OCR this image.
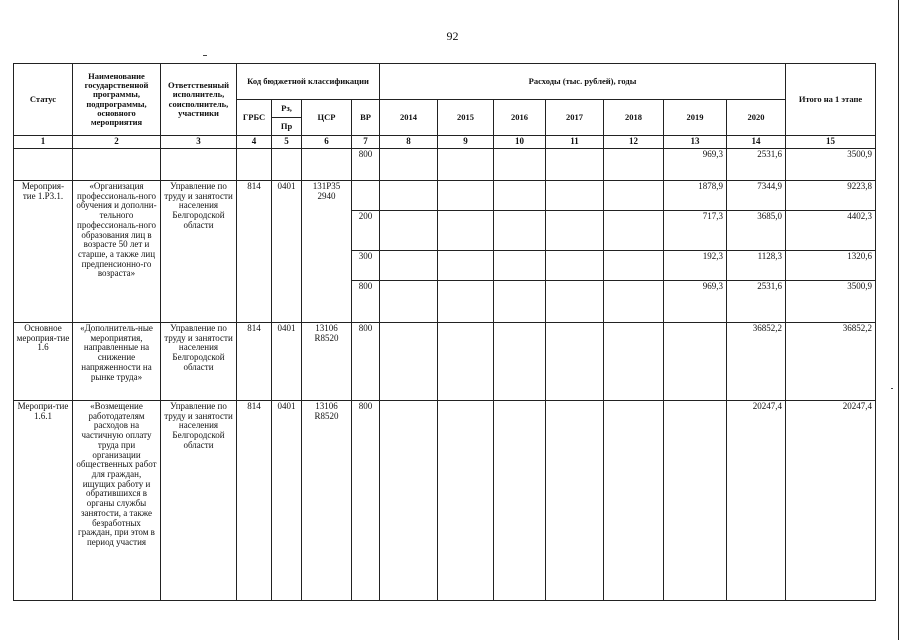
92
Статус	Наименование государственной программы, подпрограммы, основного мероприятия	Ответственный исполнитель, соисполнитель, участники	Код бюджетной классификации				Расходы (тыс. рублей), годы							Итого на 1 этапе
			ГРБС	Рз,	ЦСР	ВР	2014	2015	2016	2017	2018	2019	2020	
				Пр										
1	2	3	4	5	6	7	8	9	10	11	12	13	14	15
						800						969,3	2531,6	3500,9
Мероприя-тие 1.Р3.1.	«Организация профессиональ-ного обучения и дополни-тельного профессиональ-ного образования лиц в возрасте 50 лет и старше, а также лиц предпенсионно-го возраста»	Управление по труду и занятости населения Белгородской области	814	0401	131Р35 2940							1878,9	7344,9	9223,8
						200						717,3	3685,0	4402,3
						300						192,3	1128,3	1320,6
						800						969,3	2531,6	3500,9
Основное мероприя-тие 1.6	«Дополнитель-ные мероприятия, направленные на снижение напряженности на рынке труда»	Управление по труду и занятости населения Белгородской области	814	0401	13106 R8520	800							36852,2	36852,2
Меропри-тие 1.6.1	«Возмещение работодателям расходов на частичную оплату труда при организации общественных работ для граждан, ищущих работу и обратившихся в органы службы занятости, а также безработных граждан, при этом в период участия	Управление по труду и занятости населения Белгородской области	814	0401	13106 R8520	800							20247,4	20247,4
